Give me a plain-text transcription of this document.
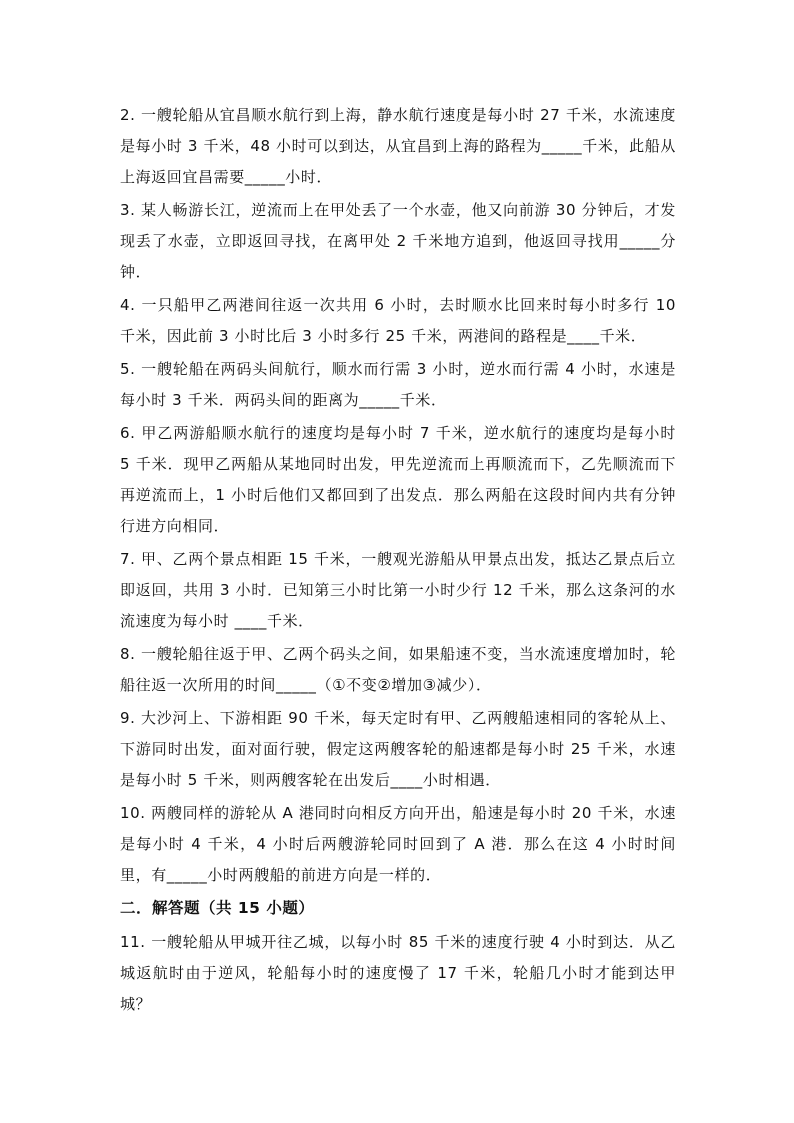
2. 一艘轮船从宜昌顺水航行到上海，静水航行速度是每小时 27 千米，水流速度是每小时 3 千米，48 小时可以到达，从宜昌到上海的路程为_____千米，此船从上海返回宜昌需要_____小时．
3. 某人畅游长江，逆流而上在甲处丢了一个水壶，他又向前游 30 分钟后，才发现丢了水壶，立即返回寻找，在离甲处 2 千米地方追到，他返回寻找用_____分钟．
4. 一只船甲乙两港间往返一次共用 6 小时，去时顺水比回来时每小时多行 10 千米，因此前 3 小时比后 3 小时多行 25 千米，两港间的路程是____千米．
5. 一艘轮船在两码头间航行，顺水而行需 3 小时，逆水而行需 4 小时，水速是每小时 3 千米．两码头间的距离为_____千米．
6. 甲乙两游船顺水航行的速度均是每小时 7 千米，逆水航行的速度均是每小时 5 千米．现甲乙两船从某地同时出发，甲先逆流而上再顺流而下，乙先顺流而下再逆流而上，1 小时后他们又都回到了出发点．那么两船在这段时间内共有分钟行进方向相同．
7. 甲、乙两个景点相距 15 千米，一艘观光游船从甲景点出发，抵达乙景点后立即返回，共用 3 小时．已知第三小时比第一小时少行 12 千米，那么这条河的水流速度为每小时 ____千米．
8. 一艘轮船往返于甲、乙两个码头之间，如果船速不变，当水流速度增加时，轮船往返一次所用的时间_____（①不变②增加③减少）．
9. 大沙河上、下游相距 90 千米，每天定时有甲、乙两艘船速相同的客轮从上、下游同时出发，面对面行驶，假定这两艘客轮的船速都是每小时 25 千米，水速是每小时 5 千米，则两艘客轮在出发后____小时相遇．
10. 两艘同样的游轮从 A 港同时向相反方向开出，船速是每小时 20 千米，水速是每小时 4 千米，4 小时后两艘游轮同时回到了 A 港．那么在这 4 小时时间里，有_____小时两艘船的前进方向是一样的．
二．解答题（共 15 小题）
11. 一艘轮船从甲城开往乙城，以每小时 85 千米的速度行驶 4 小时到达．从乙城返航时由于逆风，轮船每小时的速度慢了 17 千米，轮船几小时才能到达甲城？
